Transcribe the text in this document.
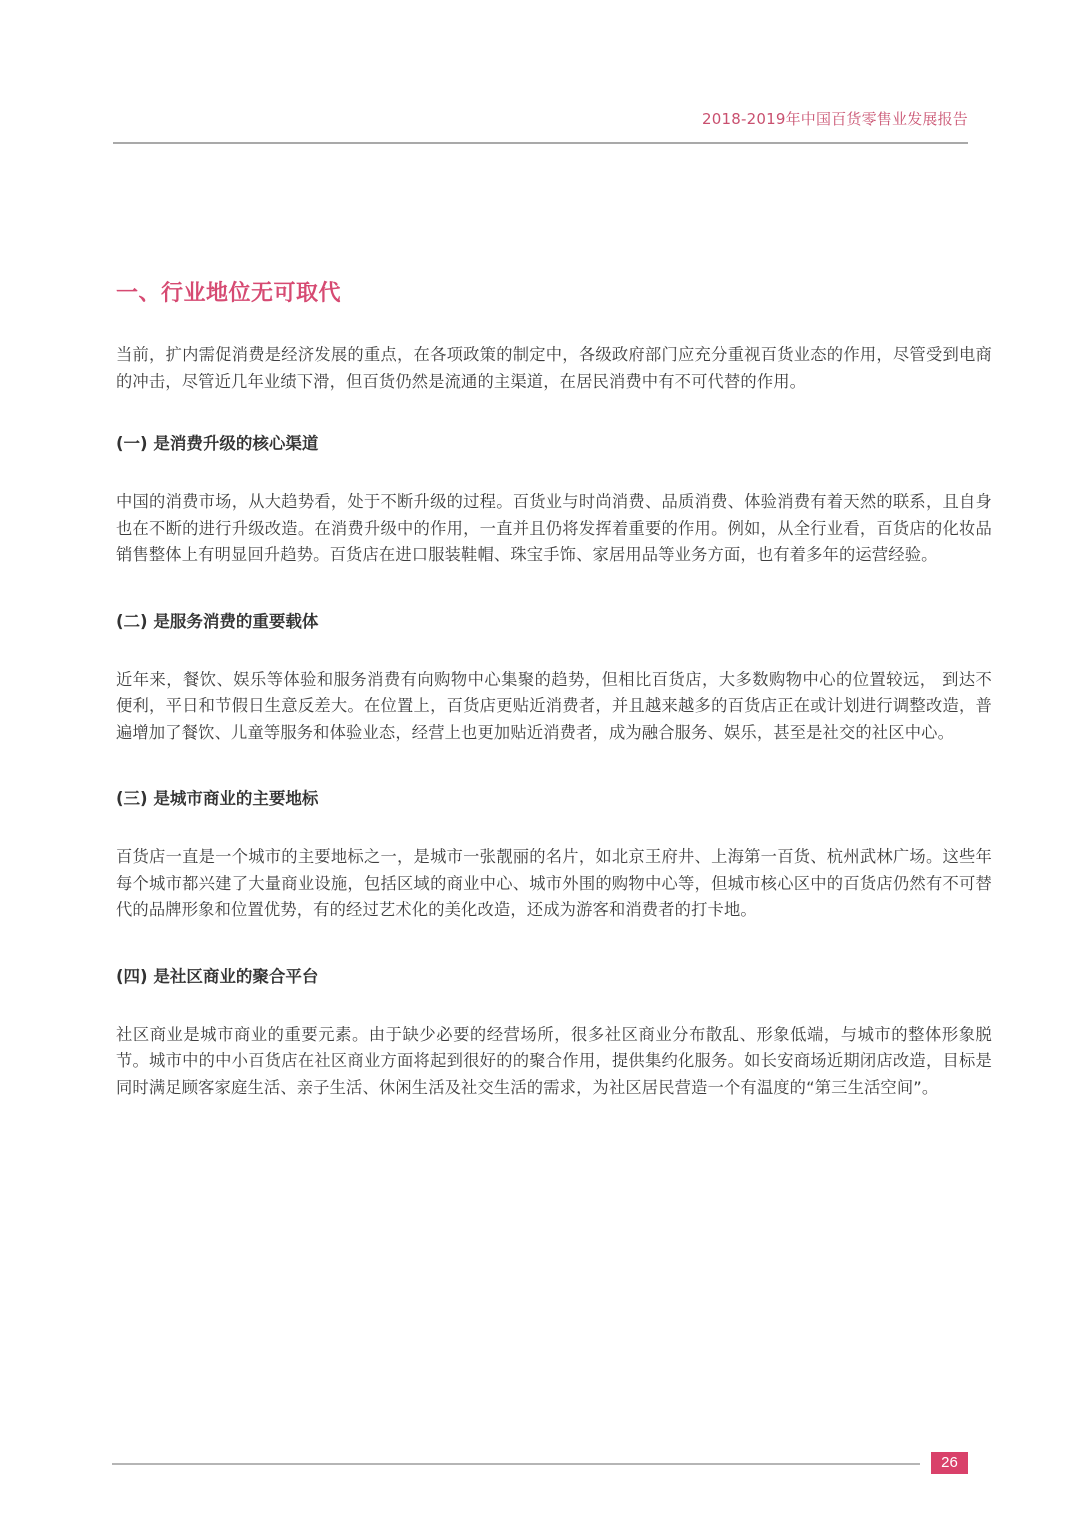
2018-2019年中国百货零售业发展报告
一、行业地位无可取代

当前，扩内需促消费是经济发展的重点，在各项政策的制定中，各级政府部门应充分重视百货业态的作用，尽管受到电商的冲击，尽管近几年业绩下滑，但百货仍然是流通的主渠道，在居民消费中有不可代替的作用。

(一) 是消费升级的核心渠道

中国的消费市场，从大趋势看，处于不断升级的过程。百货业与时尚消费、品质消费、体验消费有着天然的联系，且自身也在不断的进行升级改造。在消费升级中的作用，一直并且仍将发挥着重要的作用。例如，从全行业看，百货店的化妆品销售整体上有明显回升趋势。百货店在进口服装鞋帽、珠宝手饰、家居用品等业务方面，也有着多年的运营经验。

(二) 是服务消费的重要载体

近年来，餐饮、娱乐等体验和服务消费有向购物中心集聚的趋势，但相比百货店，大多数购物中心的位置较远， 到达不便利，平日和节假日生意反差大。在位置上，百货店更贴近消费者，并且越来越多的百货店正在或计划进行调整改造，普遍增加了餐饮、儿童等服务和体验业态，经营上也更加贴近消费者，成为融合服务、娱乐，甚至是社交的社区中心。

(三) 是城市商业的主要地标

百货店一直是一个城市的主要地标之一，是城市一张靓丽的名片，如北京王府井、上海第一百货、杭州武林广场。这些年每个城市都兴建了大量商业设施，包括区域的商业中心、城市外围的购物中心等，但城市核心区中的百货店仍然有不可替代的品牌形象和位置优势，有的经过艺术化的美化改造，还成为游客和消费者的打卡地。

(四) 是社区商业的聚合平台

社区商业是城市商业的重要元素。由于缺少必要的经营场所，很多社区商业分布散乱、形象低端，与城市的整体形象脱节。城市中的中小百货店在社区商业方面将起到很好的的聚合作用，提供集约化服务。如长安商场近期闭店改造，目标是同时满足顾客家庭生活、亲子生活、休闲生活及社交生活的需求，为社区居民营造一个有温度的“第三生活空间”。

26
